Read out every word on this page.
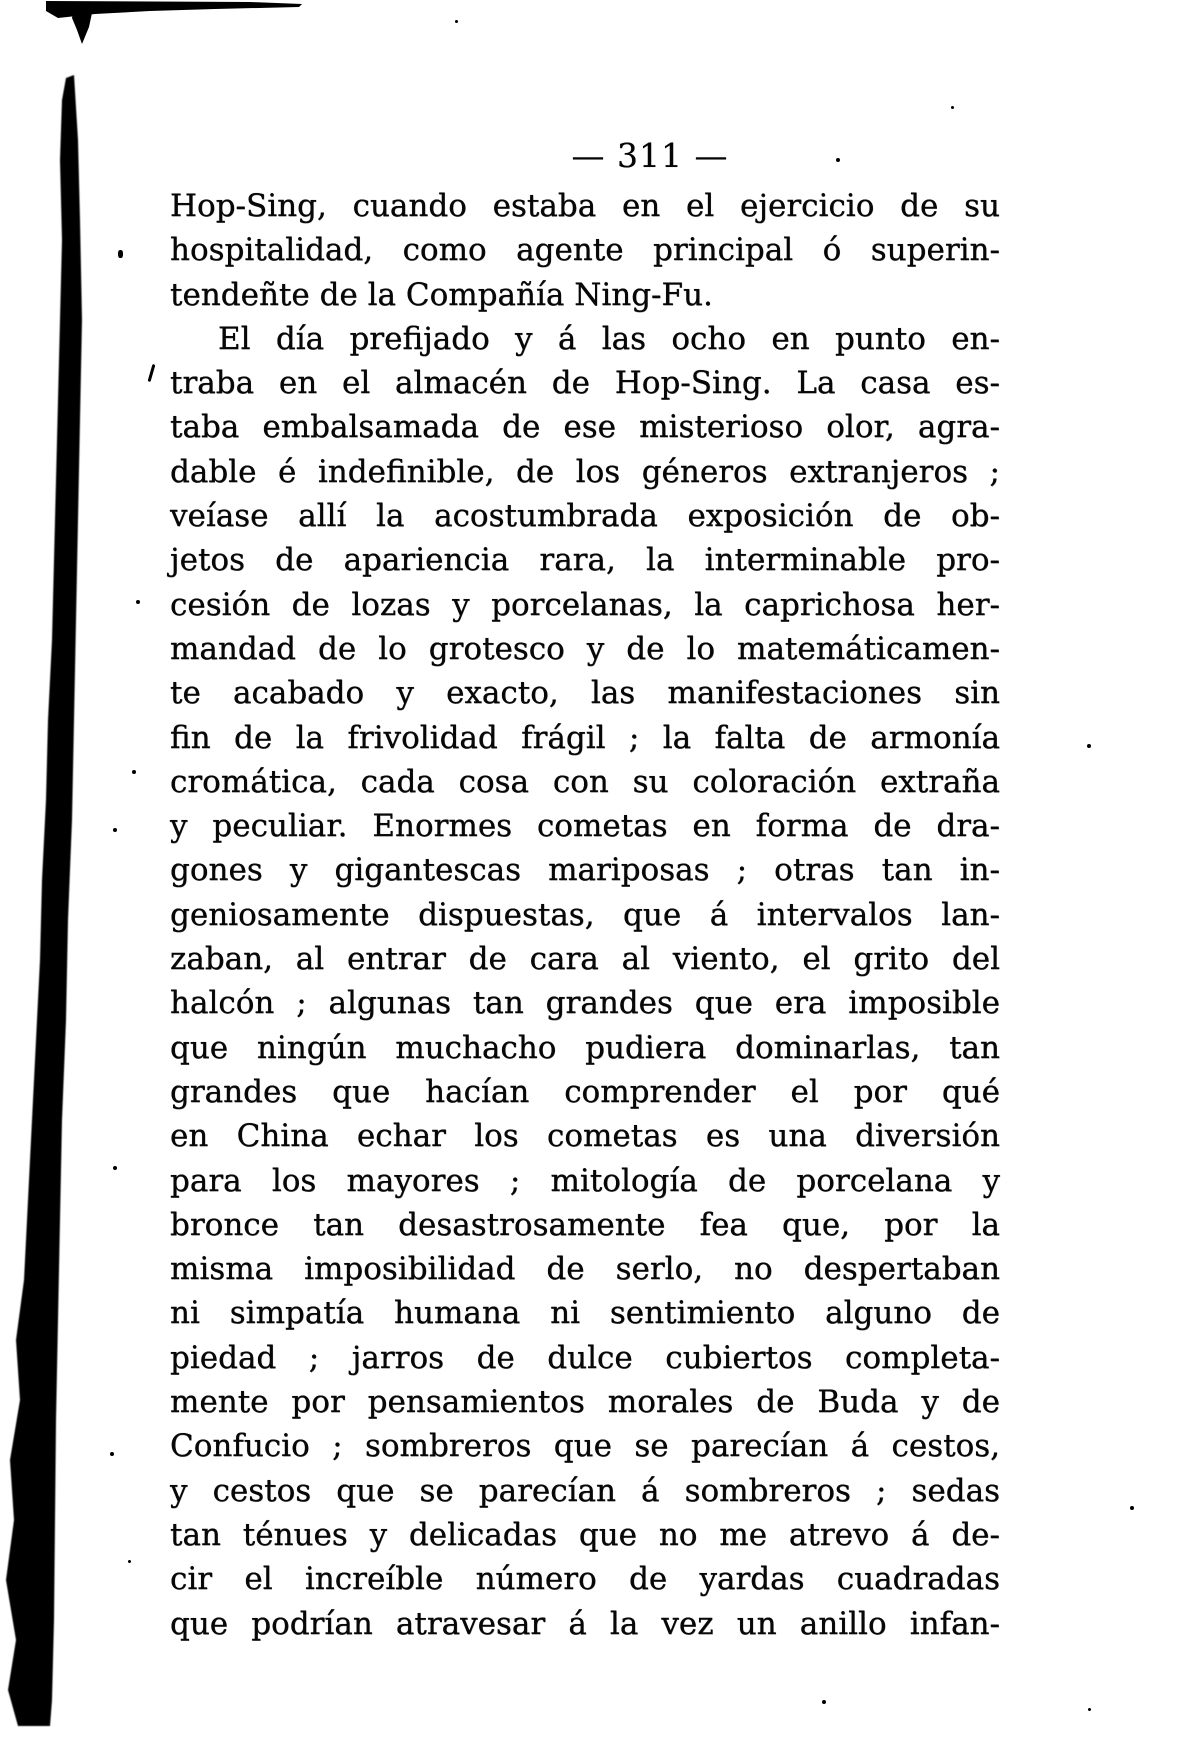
— 311 —
Hop-Sing, cuando estaba en el ejercicio de su
hospitalidad, como agente principal ó superin-
tendeñte de la Compañía Ning-Fu.
El día prefijado y á las ocho en punto en-
traba en el almacén de Hop-Sing. La casa es-
taba embalsamada de ese misterioso olor, agra-
dable é indefinible, de los géneros extranjeros ;
veíase allí la acostumbrada exposición de ob-
jetos de apariencia rara, la interminable pro-
cesión de lozas y porcelanas, la caprichosa her-
mandad de lo grotesco y de lo matemáticamen-
te acabado y exacto, las manifestaciones sin
fin de la frivolidad frágil ; la falta de armonía
cromática, cada cosa con su coloración extraña
y peculiar. Enormes cometas en forma de dra-
gones y gigantescas mariposas ; otras tan in-
geniosamente dispuestas, que á intervalos lan-
zaban, al entrar de cara al viento, el grito del
halcón ; algunas tan grandes que era imposible
que ningún muchacho pudiera dominarlas, tan
grandes que hacían comprender el por qué
en China echar los cometas es una diversión
para los mayores ; mitología de porcelana y
bronce tan desastrosamente fea que, por la
misma imposibilidad de serlo, no despertaban
ni simpatía humana ni sentimiento alguno de
piedad ; jarros de dulce cubiertos completa-
mente por pensamientos morales de Buda y de
Confucio ; sombreros que se parecían á cestos,
y cestos que se parecían á sombreros ; sedas
tan ténues y delicadas que no me atrevo á de-
cir el increíble número de yardas cuadradas
que podrían atravesar á la vez un anillo infan-
